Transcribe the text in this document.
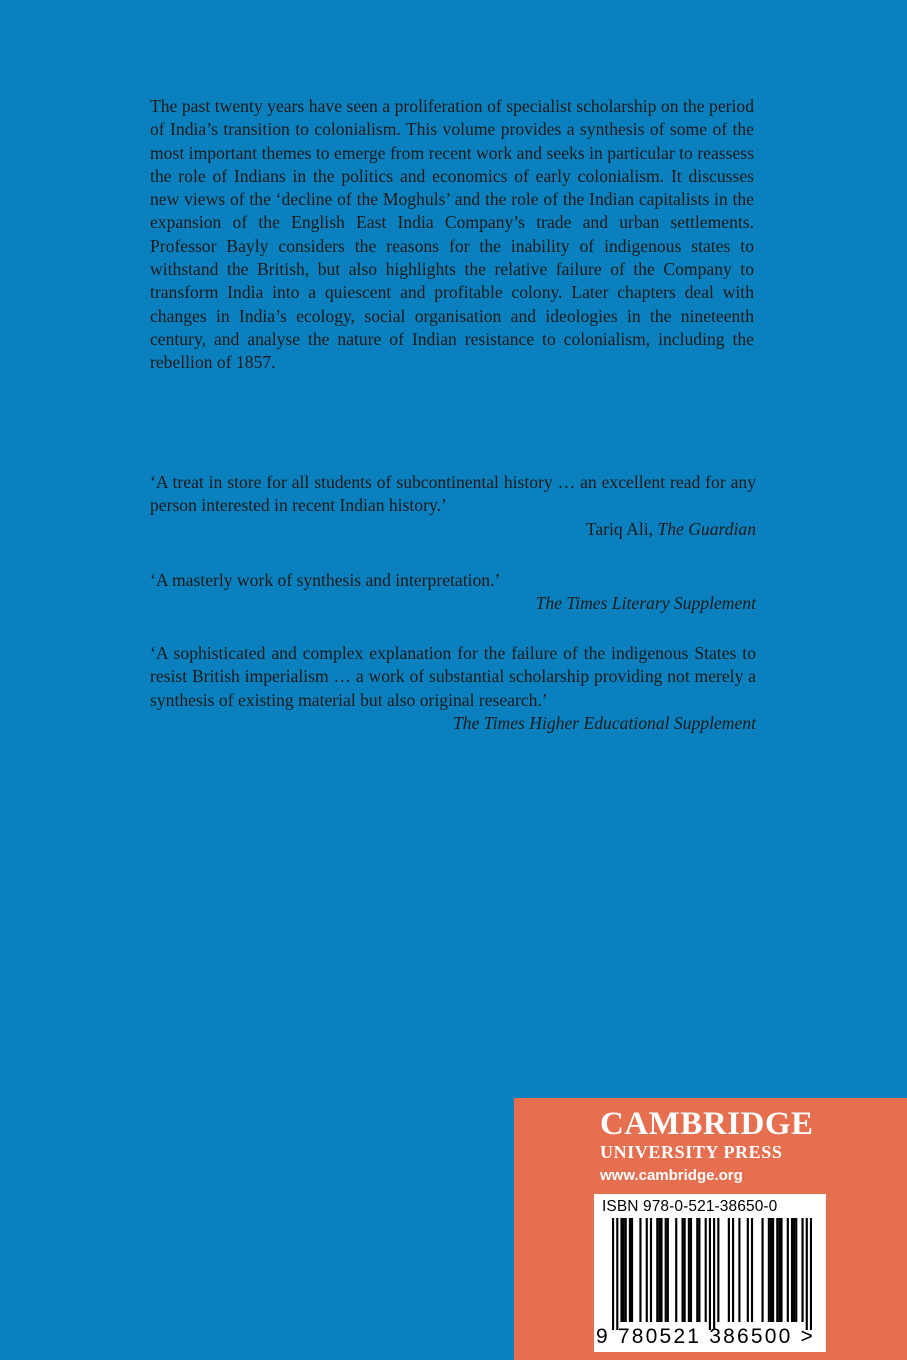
The past twenty years have seen a proliferation of specialist scholarship on the period of India’s transition to colonialism. This volume provides a synthesis of some of the most important themes to emerge from recent work and seeks in particular to reassess the role of Indians in the politics and economics of early colonialism. It discusses new views of the ‘decline of the Moghuls’ and the role of the Indian capitalists in the expansion of the English East India Company’s trade and urban settlements. Professor Bayly considers the reasons for the inability of indigenous states to withstand the British, but also highlights the relative failure of the Company to transform India into a quiescent and profitable colony. Later chapters deal with changes in India’s ecology, social organisation and ideologies in the nineteenth century, and analyse the nature of Indian resistance to colonialism, including the rebellion of 1857.

‘A treat in store for all students of subcontinental history … an excellent read for any person interested in recent Indian history.’

Tariq Ali, The Guardian

‘A masterly work of synthesis and interpretation.’

The Times Literary Supplement

‘A sophisticated and complex explanation for the failure of the indigenous States to resist British imperialism … a work of substantial scholarship providing not merely a synthesis of existing material but also original research.’

The Times Higher Educational Supplement

CAMBRIDGE

UNIVERSITY PRESS

www.cambridge.org

ISBN 978-0-521-38650-0
9 780521 386500 >
